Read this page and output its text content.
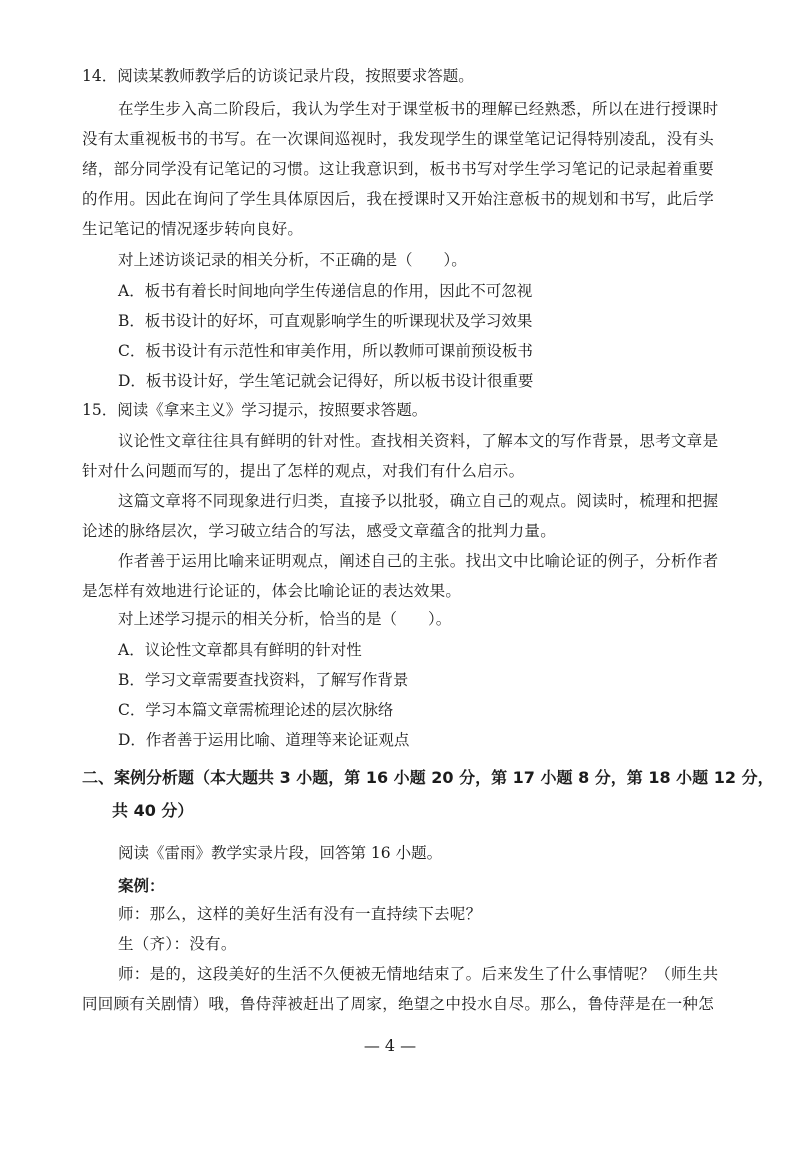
14．阅读某教师教学后的访谈记录片段，按照要求答题。
在学生步入高二阶段后，我认为学生对于课堂板书的理解已经熟悉，所以在进行授课时
没有太重视板书的书写。在一次课间巡视时，我发现学生的课堂笔记记得特别凌乱，没有头
绪，部分同学没有记笔记的习惯。这让我意识到，板书书写对学生学习笔记的记录起着重要
的作用。因此在询问了学生具体原因后，我在授课时又开始注意板书的规划和书写，此后学
生记笔记的情况逐步转向良好。
对上述访谈记录的相关分析，不正确的是（　　）。
A．板书有着长时间地向学生传递信息的作用，因此不可忽视
B．板书设计的好坏，可直观影响学生的听课现状及学习效果
C．板书设计有示范性和审美作用，所以教师可课前预设板书
D．板书设计好，学生笔记就会记得好，所以板书设计很重要
15．阅读《拿来主义》学习提示，按照要求答题。
议论性文章往往具有鲜明的针对性。查找相关资料，了解本文的写作背景，思考文章是
针对什么问题而写的，提出了怎样的观点，对我们有什么启示。
这篇文章将不同现象进行归类，直接予以批驳，确立自己的观点。阅读时，梳理和把握
论述的脉络层次，学习破立结合的写法，感受文章蕴含的批判力量。
作者善于运用比喻来证明观点，阐述自己的主张。找出文中比喻论证的例子，分析作者
是怎样有效地进行论证的，体会比喻论证的表达效果。
对上述学习提示的相关分析，恰当的是（　　）。
A．议论性文章都具有鲜明的针对性
B．学习文章需要查找资料，了解写作背景
C．学习本篇文章需梳理论述的层次脉络
D．作者善于运用比喻、道理等来论证观点
二、案例分析题（本大题共 3 小题，第 16 小题 20 分，第 17 小题 8 分，第 18 小题 12 分，
共 40 分）
阅读《雷雨》教学实录片段，回答第 16 小题。
案例：
师：那么，这样的美好生活有没有一直持续下去呢？
生（齐）：没有。
师：是的，这段美好的生活不久便被无情地结束了。后来发生了什么事情呢？（师生共
同回顾有关剧情）哦，鲁侍萍被赶出了周家，绝望之中投水自尽。那么，鲁侍萍是在一种怎
— 4 —
